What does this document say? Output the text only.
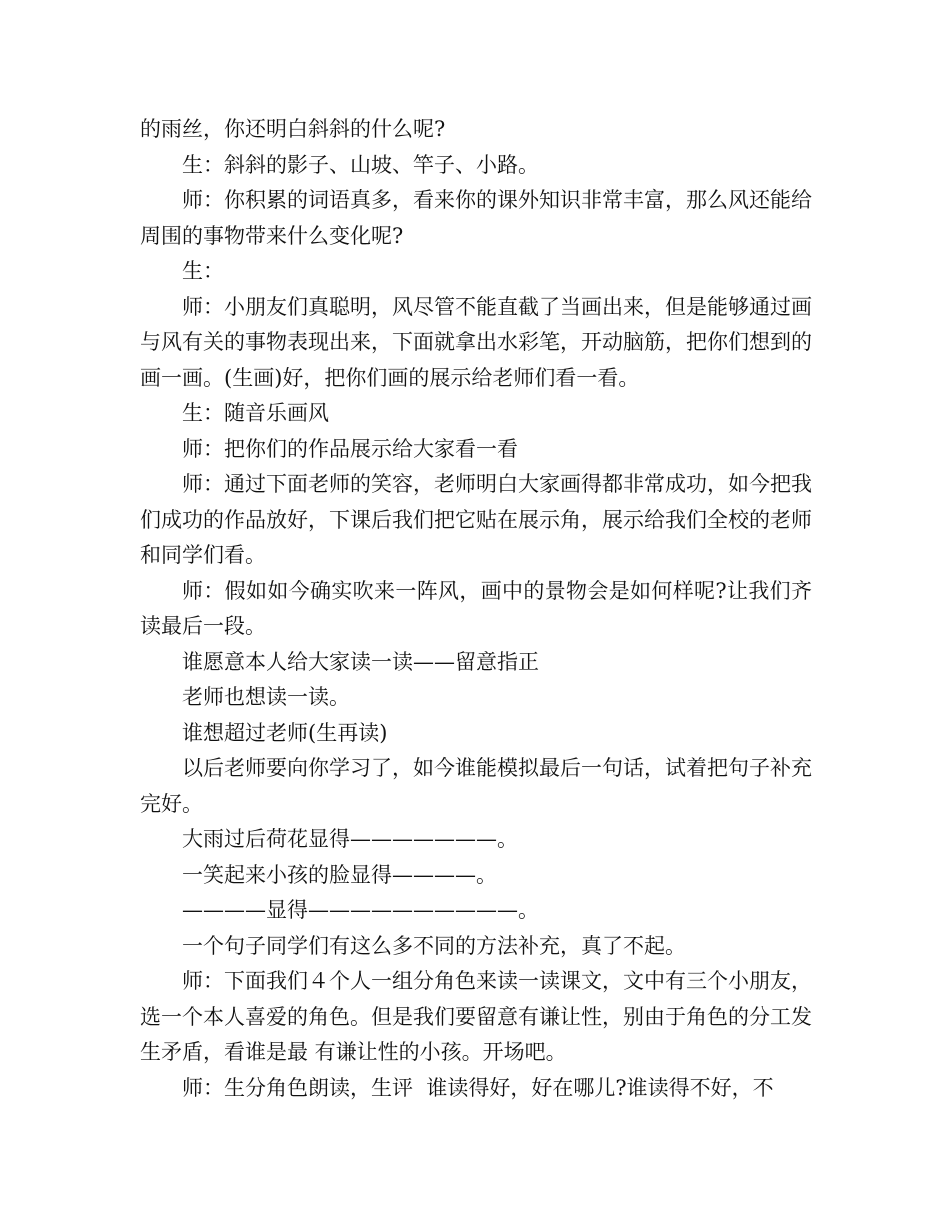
的雨丝，你还明白斜斜的什么呢?

生：斜斜的影子、山坡、竿子、小路。

师：你积累的词语真多，看来你的课外知识非常丰富，那么风还能给周围的事物带来什么变化呢?

生：

师：小朋友们真聪明，风尽管不能直截了当画出来，但是能够通过画与风有关的事物表现出来，下面就拿出水彩笔，开动脑筋，把你们想到的画一画。(生画)好，把你们画的展示给老师们看一看。

生：随音乐画风

师：把你们的作品展示给大家看一看

师：通过下面老师的笑容，老师明白大家画得都非常成功，如今把我们成功的作品放好，下课后我们把它贴在展示角，展示给我们全校的老师和同学们看。

师：假如如今确实吹来一阵风，画中的景物会是如何样呢?让我们齐读最后一段。

谁愿意本人给大家读一读——留意指正

老师也想读一读。

谁想超过老师(生再读)

以后老师要向你学习了，如今谁能模拟最后一句话，试着把句子补充完好。

大雨过后荷花显得———————。

一笑起来小孩的脸显得————。

————显得——————————。

一个句子同学们有这么多不同的方法补充，真了不起。

师：下面我们４个人一组分角色来读一读课文，文中有三个小朋友，选一个本人喜爱的角色。但是我们要留意有谦让性，别由于角色的分工发生矛盾，看谁是最 有谦让性的小孩。开场吧。

师：生分角色朗读，生评  谁读得好，好在哪儿?谁读得不好，不
